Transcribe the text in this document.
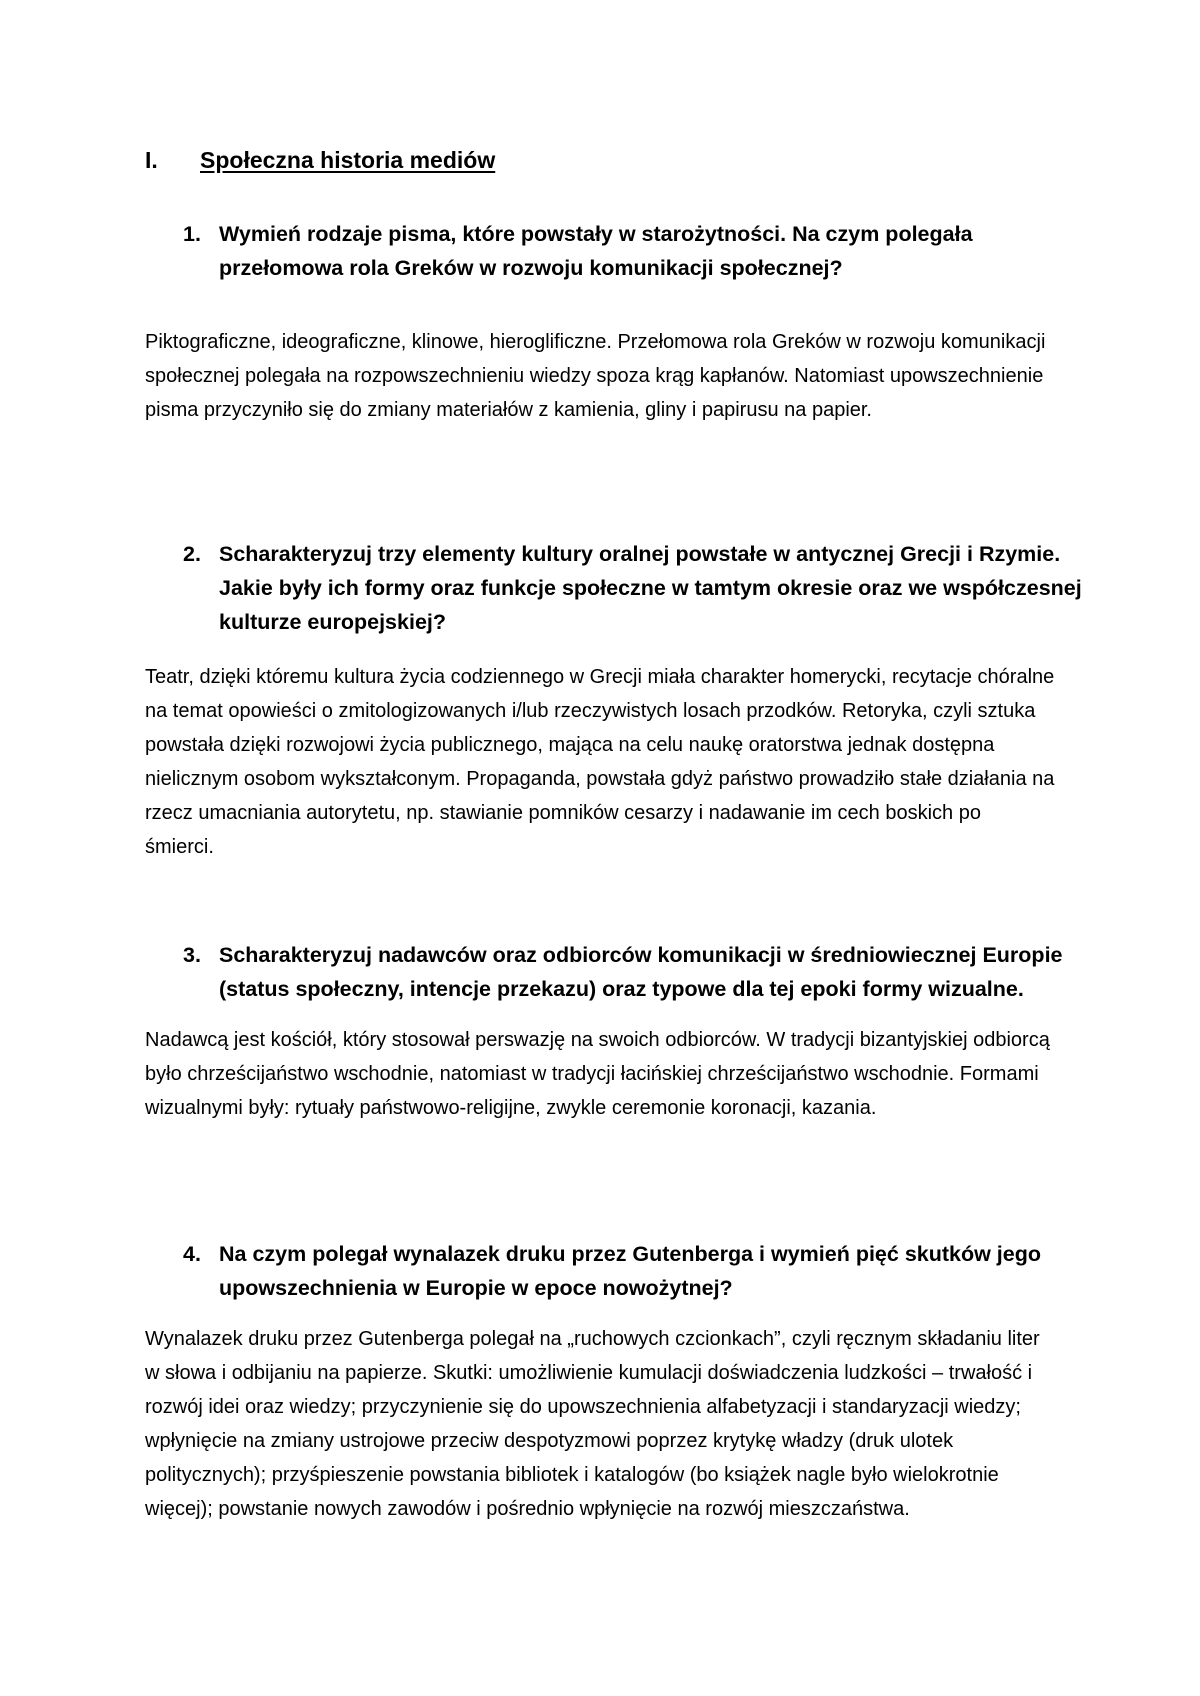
I. Społeczna historia mediów
1. Wymień rodzaje pisma, które powstały w starożytności. Na czym polegała przełomowa rola Greków w rozwoju komunikacji społecznej?
Piktograficzne, ideograficzne, klinowe, hieroglificzne. Przełomowa rola Greków w rozwoju komunikacji społecznej polegała na rozpowszechnieniu wiedzy spoza krąg kapłanów. Natomiast upowszechnienie pisma przyczyniło się do zmiany materiałów z kamienia, gliny i papirusu na papier.
2. Scharakteryzuj trzy elementy kultury oralnej powstałe w antycznej Grecji i Rzymie. Jakie były ich formy oraz funkcje społeczne w tamtym okresie oraz we współczesnej kulturze europejskiej?
Teatr, dzięki któremu kultura życia codziennego w Grecji miała charakter homerycki, recytacje chóralne na temat opowieści o zmitologizowanych i/lub rzeczywistych losach przodków. Retoryka, czyli sztuka powstała dzięki rozwojowi życia publicznego, mająca na celu naukę oratorstwa jednak dostępna nielicznym osobom wykształconym. Propaganda, powstała gdyż państwo prowadziło stałe działania na rzecz umacniania autorytetu, np. stawianie pomników cesarzy i nadawanie im cech boskich po śmierci.
3. Scharakteryzuj nadawców oraz odbiorców komunikacji w średniowiecznej Europie (status społeczny, intencje przekazu) oraz typowe dla tej epoki formy wizualne.
Nadawcą jest kościół, który stosował perswazję na swoich odbiorców. W tradycji bizantyjskiej odbiorcą było chrześcijaństwo wschodnie, natomiast w tradycji łacińskiej chrześcijaństwo wschodnie. Formami wizualnymi były: rytuały państwowo-religijne, zwykle ceremonie koronacji, kazania.
4. Na czym polegał wynalazek druku przez Gutenberga i wymień pięć skutków jego upowszechnienia w Europie w epoce nowożytnej?
Wynalazek druku przez Gutenberga polegał na „ruchowych czcionkach”, czyli ręcznym składaniu liter w słowa i odbijaniu na papierze. Skutki: umożliwienie kumulacji doświadczenia ludzkości – trwałość i rozwój idei oraz wiedzy; przyczynienie się do upowszechnienia alfabetyzacji i standaryzacji wiedzy; wpłynięcie na zmiany ustrojowe przeciw despotyzmowi poprzez krytykę władzy (druk ulotek politycznych); przyśpieszenie powstania bibliotek i katalogów (bo książek nagle było wielokrotnie więcej); powstanie nowych zawodów i pośrednio wpłynięcie na rozwój mieszczaństwa.
